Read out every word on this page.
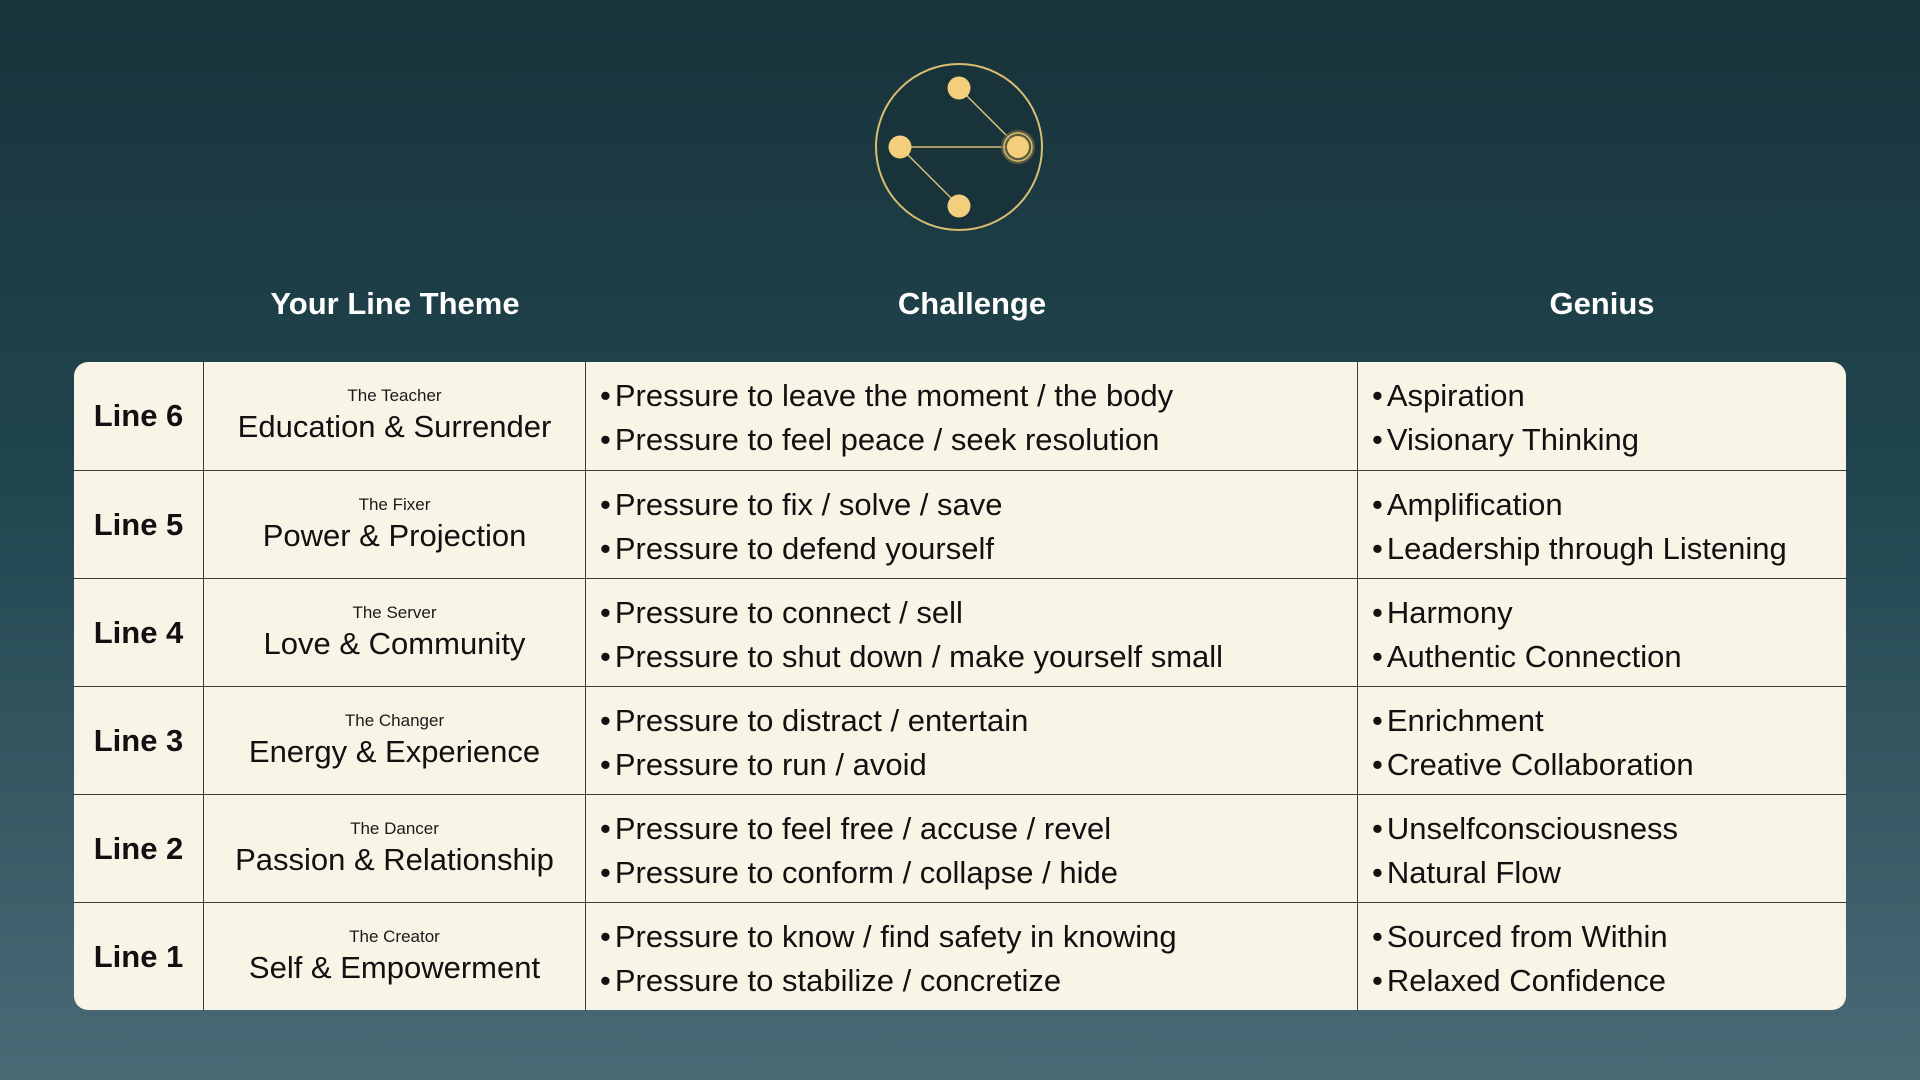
Your Line Theme	Challenge	Genius
Line 6
The Teacher
Education & Surrender
• Pressure to leave the moment / the body
• Pressure to feel peace / seek resolution
• Aspiration
• Visionary Thinking
Line 5
The Fixer
Power & Projection
• Pressure to fix / solve / save
• Pressure to defend yourself
• Amplification
• Leadership through Listening
Line 4
The Server
Love & Community
• Pressure to connect / sell
• Pressure to shut down / make yourself small
• Harmony
• Authentic Connection
Line 3
The Changer
Energy & Experience
• Pressure to distract / entertain
• Pressure to run / avoid
• Enrichment
• Creative Collaboration
Line 2
The Dancer
Passion & Relationship
• Pressure to feel free / accuse / revel
• Pressure to conform / collapse / hide
• Unselfconsciousness
• Natural Flow
Line 1
The Creator
Self & Empowerment
• Pressure to know / find safety in knowing
• Pressure to stabilize / concretize
• Sourced from Within
• Relaxed Confidence
